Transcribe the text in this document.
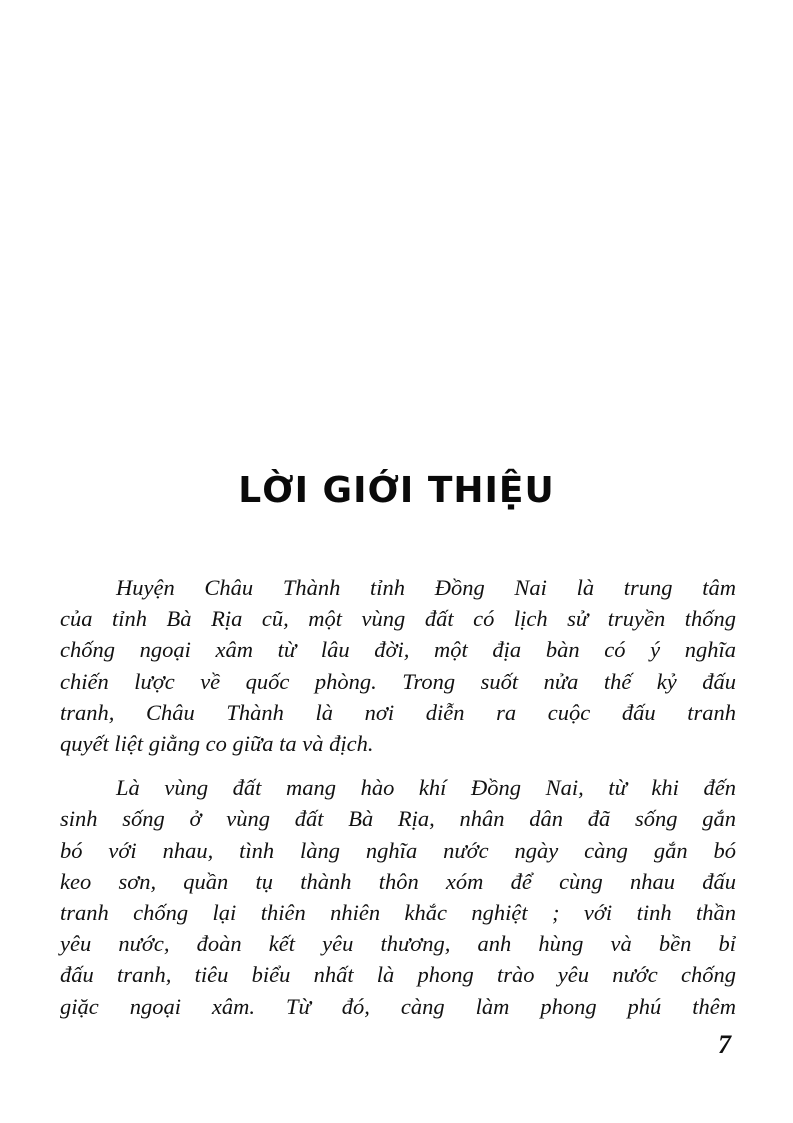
LỜI GIỚI THIỆU

Huyện Châu Thành tỉnh Đồng Nai là trung tâm
của tỉnh Bà Rịa cũ, một vùng đất có lịch sử truyền thống
chống ngoại xâm từ lâu đời, một địa bàn có ý nghĩa
chiến lược về quốc phòng. Trong suốt nửa thế kỷ đấu
tranh, Châu Thành là nơi diễn ra cuộc đấu tranh
quyết liệt giằng co giữa ta và địch.

Là vùng đất mang hào khí Đồng Nai, từ khi đến
sinh sống ở vùng đất Bà Rịa, nhân dân đã sống gắn
bó với nhau, tình làng nghĩa nước ngày càng gắn bó
keo sơn, quần tụ thành thôn xóm để cùng nhau đấu
tranh chống lại thiên nhiên khắc nghiệt ; với tinh thần
yêu nước, đoàn kết yêu thương, anh hùng và bền bỉ
đấu tranh, tiêu biểu nhất là phong trào yêu nước chống
giặc ngoại xâm. Từ đó, càng làm phong phú thêm

7
